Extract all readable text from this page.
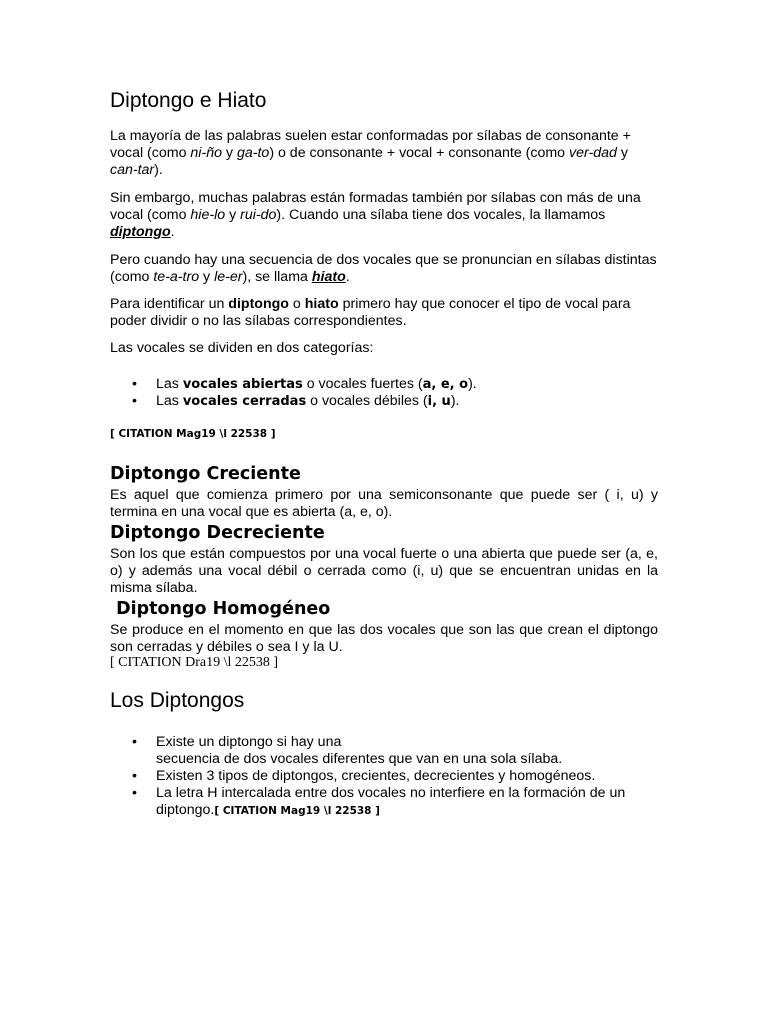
Diptongo e Hiato
La mayoría de las palabras suelen estar conformadas por sílabas de consonante + vocal (como ni-ño y ga-to) o de consonante + vocal + consonante (como ver-dad y can-tar).
Sin embargo, muchas palabras están formadas también por sílabas con más de una vocal (como hie-lo y rui-do). Cuando una sílaba tiene dos vocales, la llamamos diptongo.
Pero cuando hay una secuencia de dos vocales que se pronuncian en sílabas distintas (como te-a-tro y le-er), se llama hiato.
Para identificar un diptongo o hiato primero hay que conocer el tipo de vocal para poder dividir o no las sílabas correspondientes.
Las vocales se dividen en dos categorías:
• Las vocales abiertas o vocales fuertes (a, e, o).
• Las vocales cerradas o vocales débiles (i, u).
[ CITATION Mag19 \l 22538 ]
Diptongo Creciente
Es aquel que comienza primero por una semiconsonante que puede ser ( i, u) y termina en una vocal que es abierta (a, e, o).
Diptongo Decreciente
Son los que están compuestos por una vocal fuerte o una abierta que puede ser (a, e, o) y además una vocal débil o cerrada como (i, u) que se encuentran unidas en la misma sílaba.
Diptongo Homogéneo
Se produce en el momento en que las dos vocales que son las que crean el diptongo son cerradas y débiles o sea I y la U.
[ CITATION Dra19 \l 22538 ]
Los Diptongos
• Existe un diptongo si hay una
secuencia de dos vocales diferentes que van en una sola sílaba.
• Existen 3 tipos de diptongos, crecientes, decrecientes y homogéneos.
• La letra H intercalada entre dos vocales no interfiere en la formación de un diptongo.[ CITATION Mag19 \l 22538 ]
